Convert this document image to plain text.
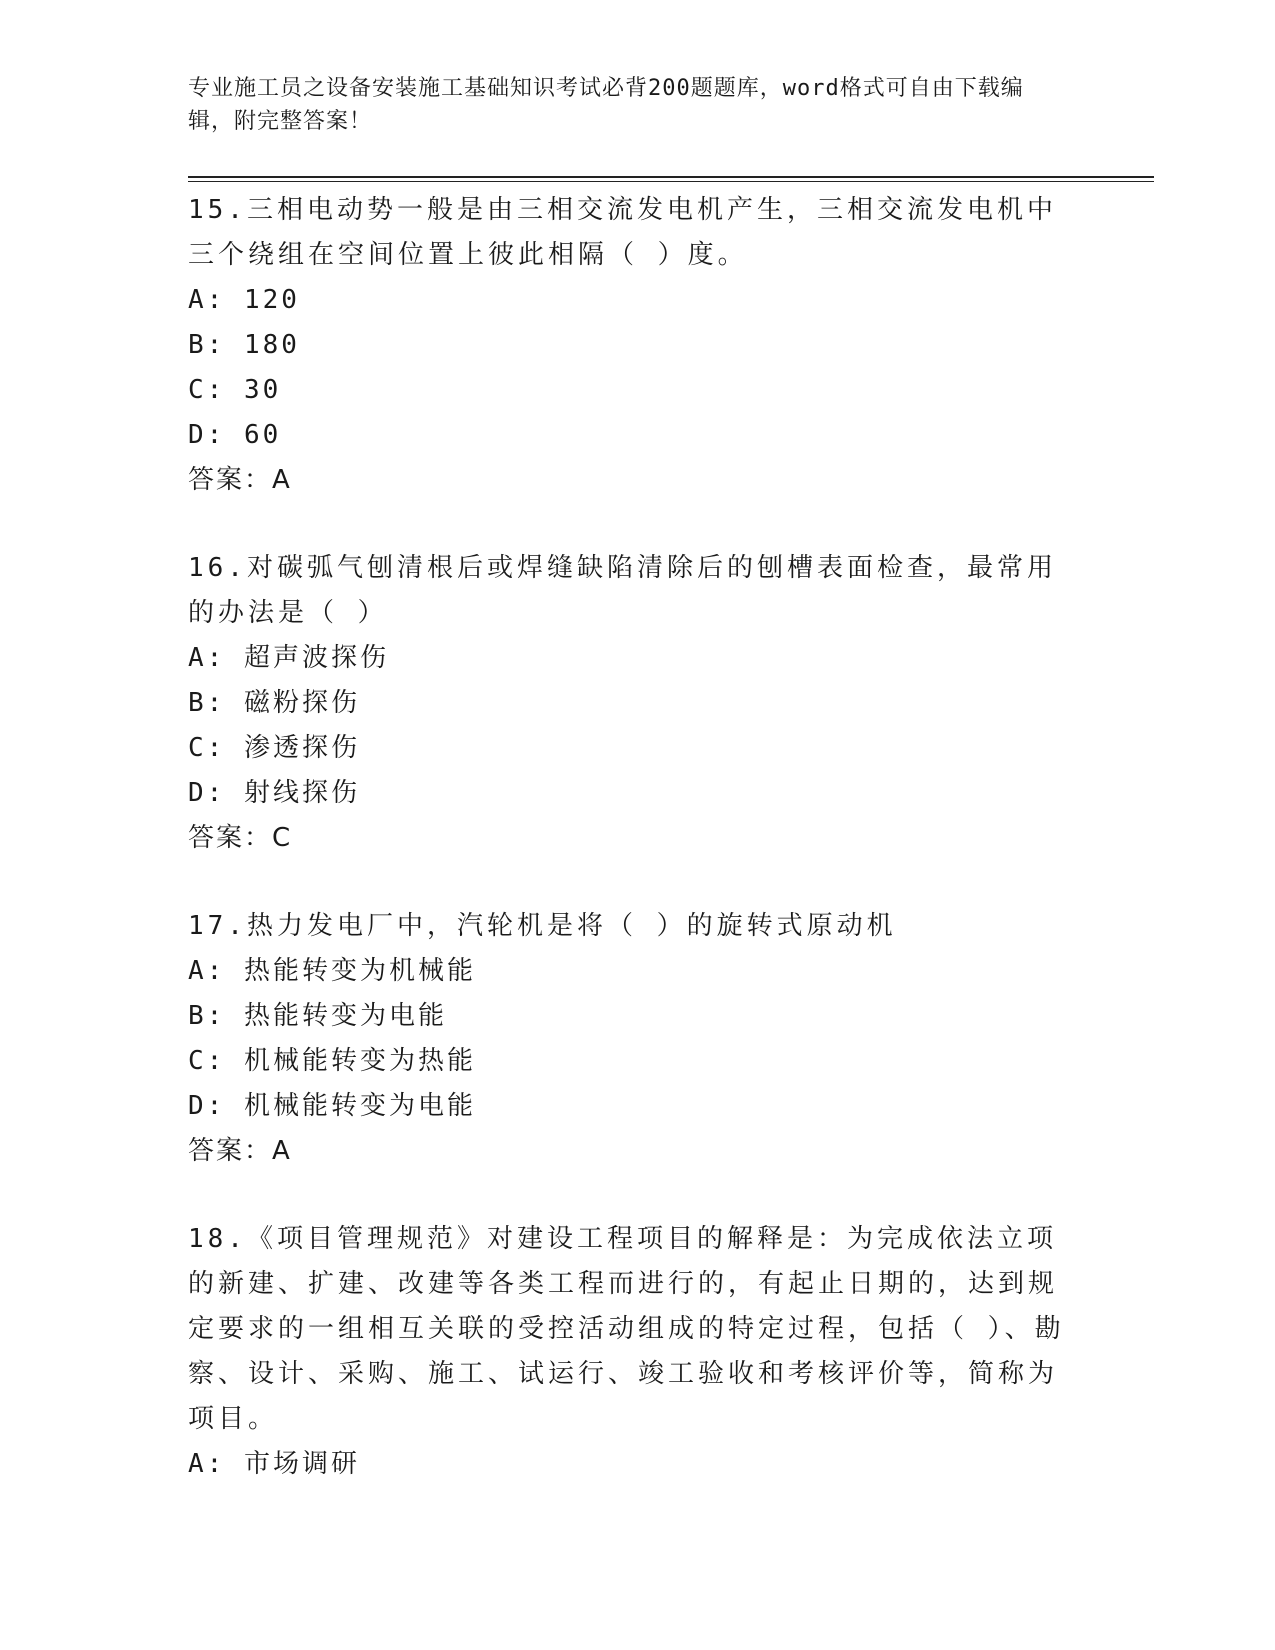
专业施工员之设备安装施工基础知识考试必背200题题库，word格式可自由下载编辑，附完整答案！
15.三相电动势一般是由三相交流发电机产生，三相交流发电机中三个绕组在空间位置上彼此相隔（ ）度。
A: 120
B: 180
C: 30
D: 60
答案：A
16.对碳弧气刨清根后或焊缝缺陷清除后的刨槽表面检查，最常用的办法是（ ）
A: 超声波探伤
B: 磁粉探伤
C: 渗透探伤
D: 射线探伤
答案：C
17.热力发电厂中，汽轮机是将（ ）的旋转式原动机
A: 热能转变为机械能
B: 热能转变为电能
C: 机械能转变为热能
D: 机械能转变为电能
答案：A
18.《项目管理规范》对建设工程项目的解释是：为完成依法立项的新建、扩建、改建等各类工程而进行的，有起止日期的，达到规定要求的一组相互关联的受控活动组成的特定过程，包括（ ）、勘察、设计、采购、施工、试运行、竣工验收和考核评价等，简称为项目。
A: 市场调研
